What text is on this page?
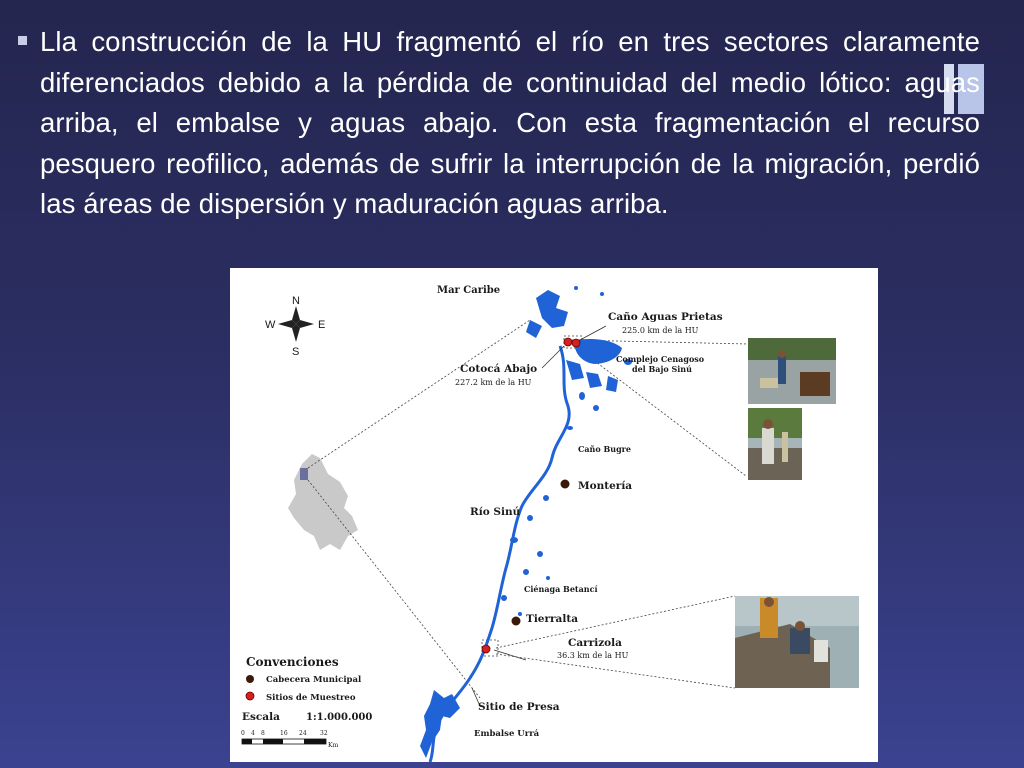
Lla construcción de la HU fragmentó el río en tres sectores claramente diferenciados debido a la pérdida de continuidad del medio lótico: aguas arriba, el embalse y aguas abajo. Con esta fragmentación el recurso pesquero reofilico, además de sufrir la interrupción de la migración, perdió las áreas de dispersión y maduración aguas arriba.
N
S
E
W
Mar Caribe
Caño Aguas Prietas
225.0 km de la HU
Complejo Cenagoso
del Bajo Sinú
Cotocá Abajo
227.2 km de la HU
Caño Bugre
Montería
Río Sinú
Ciénaga Betancí
Tierralta
Carrizola
36.3 km de la HU
Sitio de Presa
Embalse Urrá
Convenciones
Cabecera Municipal
Sitios de Muestreo
Escala	1:1.000.000
0 4 8	16 24 32
Km
